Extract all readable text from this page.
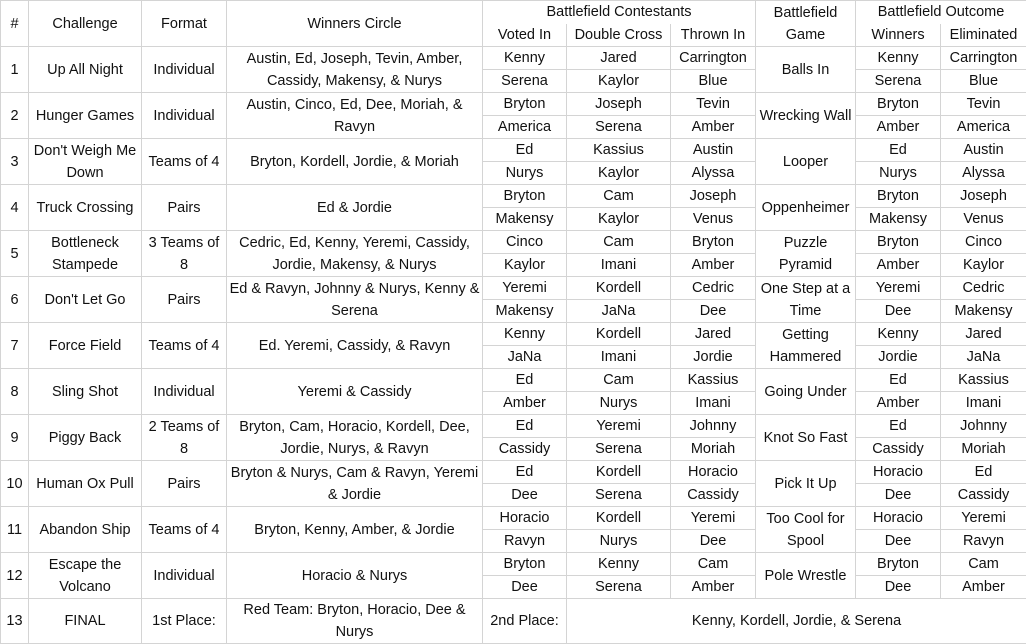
#	Challenge	Format	Winners Circle	Battlefield Contestants			Battlefield Game	Battlefield Outcome	
				Voted In	Double Cross	Thrown In		Winners	Eliminated
1	Up All Night	Individual	Austin, Ed, Joseph, Tevin, Amber, Cassidy, Makensy, & Nurys	Kenny	Jared	Carrington	Balls In	Kenny	Carrington
				Serena	Kaylor	Blue		Serena	Blue
2	Hunger Games	Individual	Austin, Cinco, Ed, Dee, Moriah, & Ravyn	Bryton	Joseph	Tevin	Wrecking Wall	Bryton	Tevin
				America	Serena	Amber		Amber	America
3	Don't Weigh Me Down	Teams of 4	Bryton, Kordell, Jordie, & Moriah	Ed	Kassius	Austin	Looper	Ed	Austin
				Nurys	Kaylor	Alyssa		Nurys	Alyssa
4	Truck Crossing	Pairs	Ed & Jordie	Bryton	Cam	Joseph	Oppenheimer	Bryton	Joseph
				Makensy	Kaylor	Venus		Makensy	Venus
5	Bottleneck Stampede	3 Teams of 8	Cedric, Ed, Kenny, Yeremi, Cassidy, Jordie, Makensy, & Nurys	Cinco	Cam	Bryton	Puzzle Pyramid	Bryton	Cinco
				Kaylor	Imani	Amber		Amber	Kaylor
6	Don't Let Go	Pairs	Ed & Ravyn, Johnny & Nurys, Kenny & Serena	Yeremi	Kordell	Cedric	One Step at a Time	Yeremi	Cedric
				Makensy	JaNa	Dee		Dee	Makensy
7	Force Field	Teams of 4	Ed. Yeremi, Cassidy, & Ravyn	Kenny	Kordell	Jared	Getting Hammered	Kenny	Jared
				JaNa	Imani	Jordie		Jordie	JaNa
8	Sling Shot	Individual	Yeremi & Cassidy	Ed	Cam	Kassius	Going Under	Ed	Kassius
				Amber	Nurys	Imani		Amber	Imani
9	Piggy Back	2 Teams of 8	Bryton, Cam, Horacio, Kordell, Dee, Jordie, Nurys, & Ravyn	Ed	Yeremi	Johnny	Knot So Fast	Ed	Johnny
				Cassidy	Serena	Moriah		Cassidy	Moriah
10	Human Ox Pull	Pairs	Bryton & Nurys, Cam & Ravyn, Yeremi & Jordie	Ed	Kordell	Horacio	Pick It Up	Horacio	Ed
				Dee	Serena	Cassidy		Dee	Cassidy
11	Abandon Ship	Teams of 4	Bryton, Kenny, Amber, & Jordie	Horacio	Kordell	Yeremi	Too Cool for Spool	Horacio	Yeremi
				Ravyn	Nurys	Dee		Dee	Ravyn
12	Escape the Volcano	Individual	Horacio & Nurys	Bryton	Kenny	Cam	Pole Wrestle	Bryton	Cam
				Dee	Serena	Amber		Dee	Amber
13	FINAL	1st Place:	Red Team: Bryton, Horacio, Dee & Nurys	2nd Place:	Kenny, Kordell, Jordie, & Serena				
